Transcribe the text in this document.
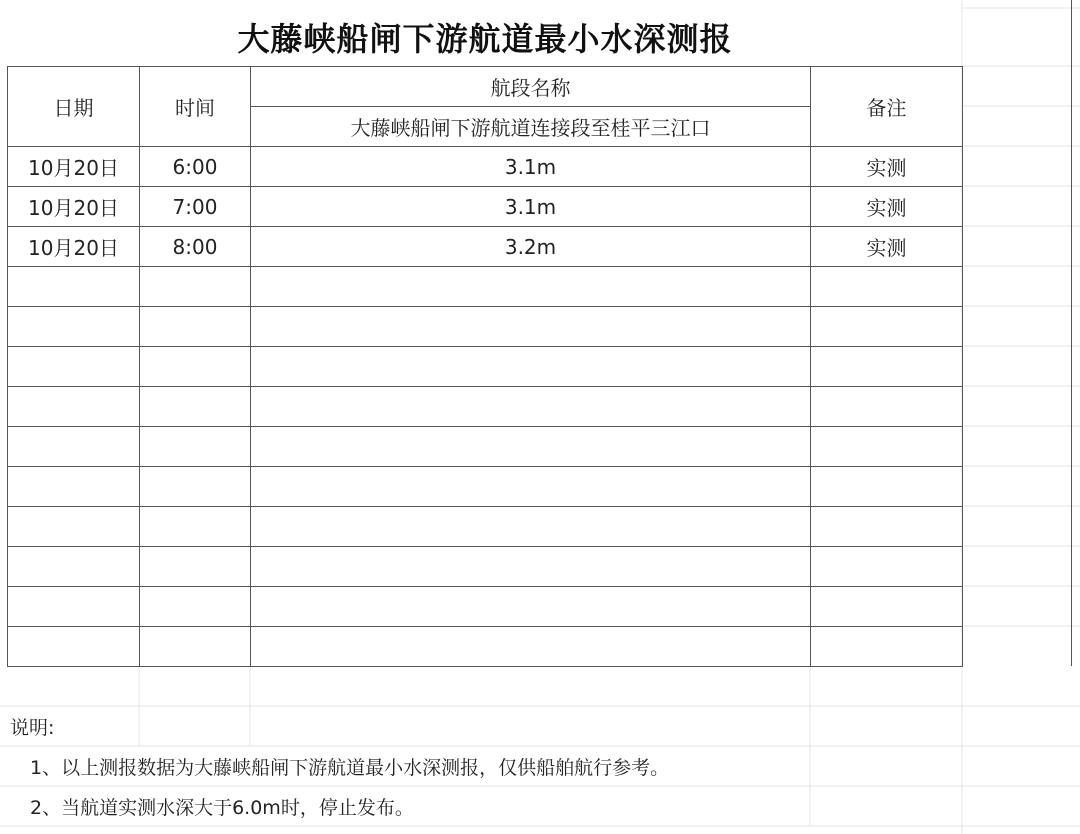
大藤峡船闸下游航道最小水深测报
日期	时间	航段名称	备注
		大藤峡船闸下游航道连接段至桂平三江口	
10月20日	6:00	3.1m	实测
10月20日	7:00	3.1m	实测
10月20日	8:00	3.2m	实测

说明:
1、以上测报数据为大藤峡船闸下游航道最小水深测报，仅供船舶航行参考。
2、当航道实测水深大于6.0m时，停止发布。
